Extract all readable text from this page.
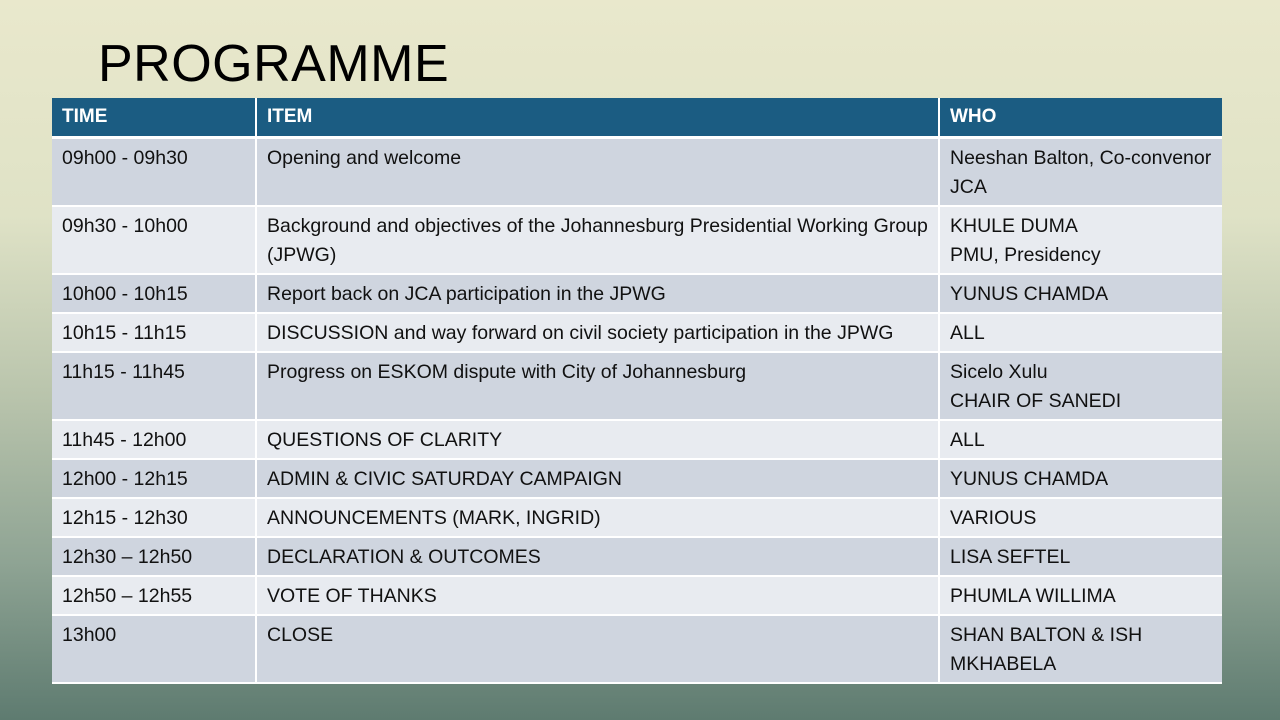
PROGRAMME
TIME	ITEM	WHO
09h00 - 09h30	Opening and welcome	Neeshan Balton, Co-convenor JCA
09h30 - 10h00	Background and objectives of the Johannesburg Presidential Working Group (JPWG)	KHULE DUMA
PMU, Presidency
10h00 - 10h15	Report back on JCA participation in the JPWG	YUNUS CHAMDA
10h15 - 11h15	DISCUSSION and way forward on civil society participation in the JPWG	ALL
11h15 - 11h45	Progress on ESKOM dispute with City of Johannesburg	Sicelo Xulu
CHAIR OF SANEDI
11h45 - 12h00	QUESTIONS OF CLARITY	ALL
12h00 - 12h15	ADMIN & CIVIC SATURDAY CAMPAIGN	YUNUS CHAMDA
12h15 - 12h30	ANNOUNCEMENTS (MARK, INGRID)	VARIOUS
12h30 – 12h50	DECLARATION & OUTCOMES	LISA SEFTEL
12h50 – 12h55	VOTE OF THANKS	PHUMLA WILLIMA
13h00	CLOSE	SHAN BALTON & ISH MKHABELA
